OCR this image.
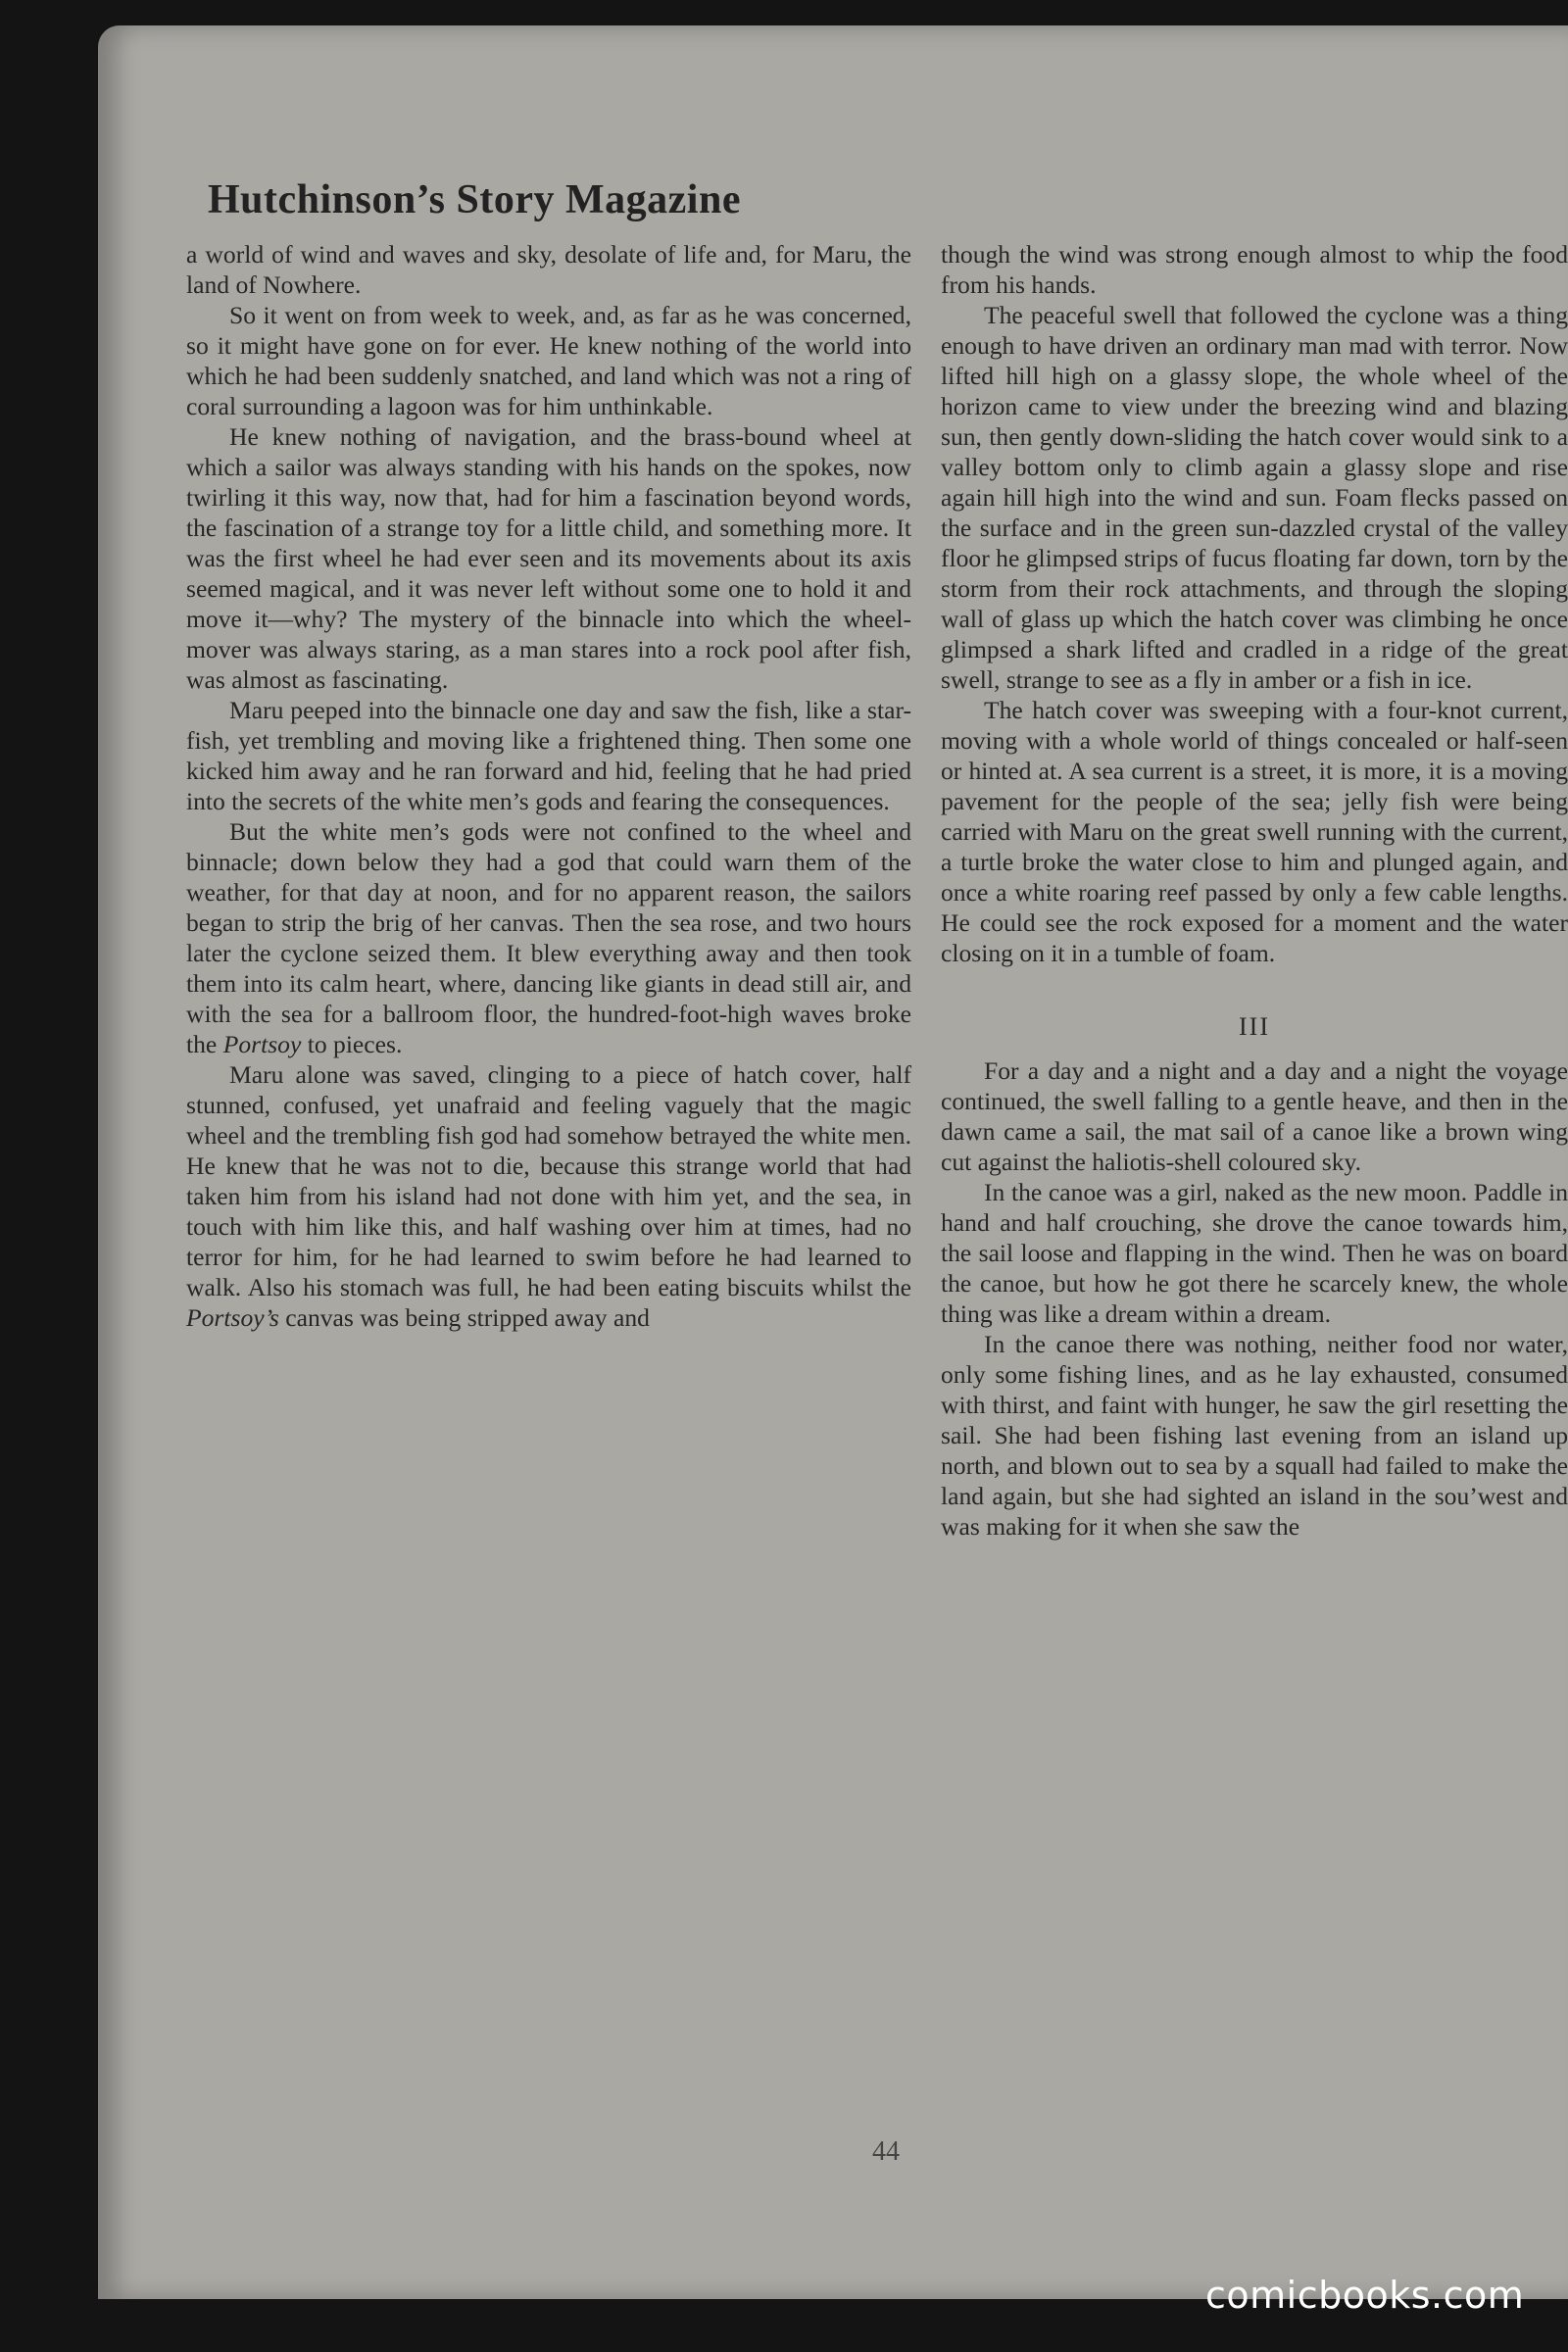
Hutchinson’s Story Magazine

a world of wind and waves and sky, desolate of life and, for Maru, the land of Nowhere.

So it went on from week to week, and, as far as he was concerned, so it might have gone on for ever. He knew nothing of the world into which he had been suddenly snatched, and land which was not a ring of coral surrounding a lagoon was for him unthinkable.

He knew nothing of navigation, and the brass-bound wheel at which a sailor was always standing with his hands on the spokes, now twirling it this way, now that, had for him a fascination beyond words, the fascination of a strange toy for a little child, and something more. It was the first wheel he had ever seen and its movements about its axis seemed magical, and it was never left without some one to hold it and move it—why? The mystery of the binnacle into which the wheel-mover was always staring, as a man stares into a rock pool after fish, was almost as fascinating.

Maru peeped into the binnacle one day and saw the fish, like a star-fish, yet trembling and moving like a frightened thing. Then some one kicked him away and he ran forward and hid, feeling that he had pried into the secrets of the white men’s gods and fearing the consequences.

But the white men’s gods were not confined to the wheel and binnacle; down below they had a god that could warn them of the weather, for that day at noon, and for no apparent reason, the sailors began to strip the brig of her canvas. Then the sea rose, and two hours later the cyclone seized them. It blew everything away and then took them into its calm heart, where, dancing like giants in dead still air, and with the sea for a ballroom floor, the hundred-foot-high waves broke the Portsoy to pieces.

Maru alone was saved, clinging to a piece of hatch cover, half stunned, confused, yet unafraid and feeling vaguely that the magic wheel and the trembling fish god had somehow betrayed the white men. He knew that he was not to die, because this strange world that had taken him from his island had not done with him yet, and the sea, in touch with him like this, and half washing over him at times, had no terror for him, for he had learned to swim before he had learned to walk. Also his stomach was full, he had been eating biscuits whilst the Portsoy’s canvas was being stripped away and

though the wind was strong enough almost to whip the food from his hands.

The peaceful swell that followed the cyclone was a thing enough to have driven an ordinary man mad with terror. Now lifted hill high on a glassy slope, the whole wheel of the horizon came to view under the breezing wind and blazing sun, then gently down-sliding the hatch cover would sink to a valley bottom only to climb again a glassy slope and rise again hill high into the wind and sun. Foam flecks passed on the surface and in the green sun-dazzled crystal of the valley floor he glimpsed strips of fucus floating far down, torn by the storm from their rock attachments, and through the sloping wall of glass up which the hatch cover was climbing he once glimpsed a shark lifted and cradled in a ridge of the great swell, strange to see as a fly in amber or a fish in ice.

The hatch cover was sweeping with a four-knot current, moving with a whole world of things concealed or half-seen or hinted at. A sea current is a street, it is more, it is a moving pavement for the people of the sea; jelly fish were being carried with Maru on the great swell running with the current, a turtle broke the water close to him and plunged again, and once a white roaring reef passed by only a few cable lengths. He could see the rock exposed for a moment and the water closing on it in a tumble of foam.

III

For a day and a night and a day and a night the voyage continued, the swell falling to a gentle heave, and then in the dawn came a sail, the mat sail of a canoe like a brown wing cut against the haliotis-shell coloured sky.

In the canoe was a girl, naked as the new moon. Paddle in hand and half crouching, she drove the canoe towards him, the sail loose and flapping in the wind. Then he was on board the canoe, but how he got there he scarcely knew, the whole thing was like a dream within a dream.

In the canoe there was nothing, neither food nor water, only some fishing lines, and as he lay exhausted, consumed with thirst, and faint with hunger, he saw the girl resetting the sail. She had been fishing last evening from an island up north, and blown out to sea by a squall had failed to make the land again, but she had sighted an island in the sou’west and was making for it when she saw the

44
comicbooks.com
